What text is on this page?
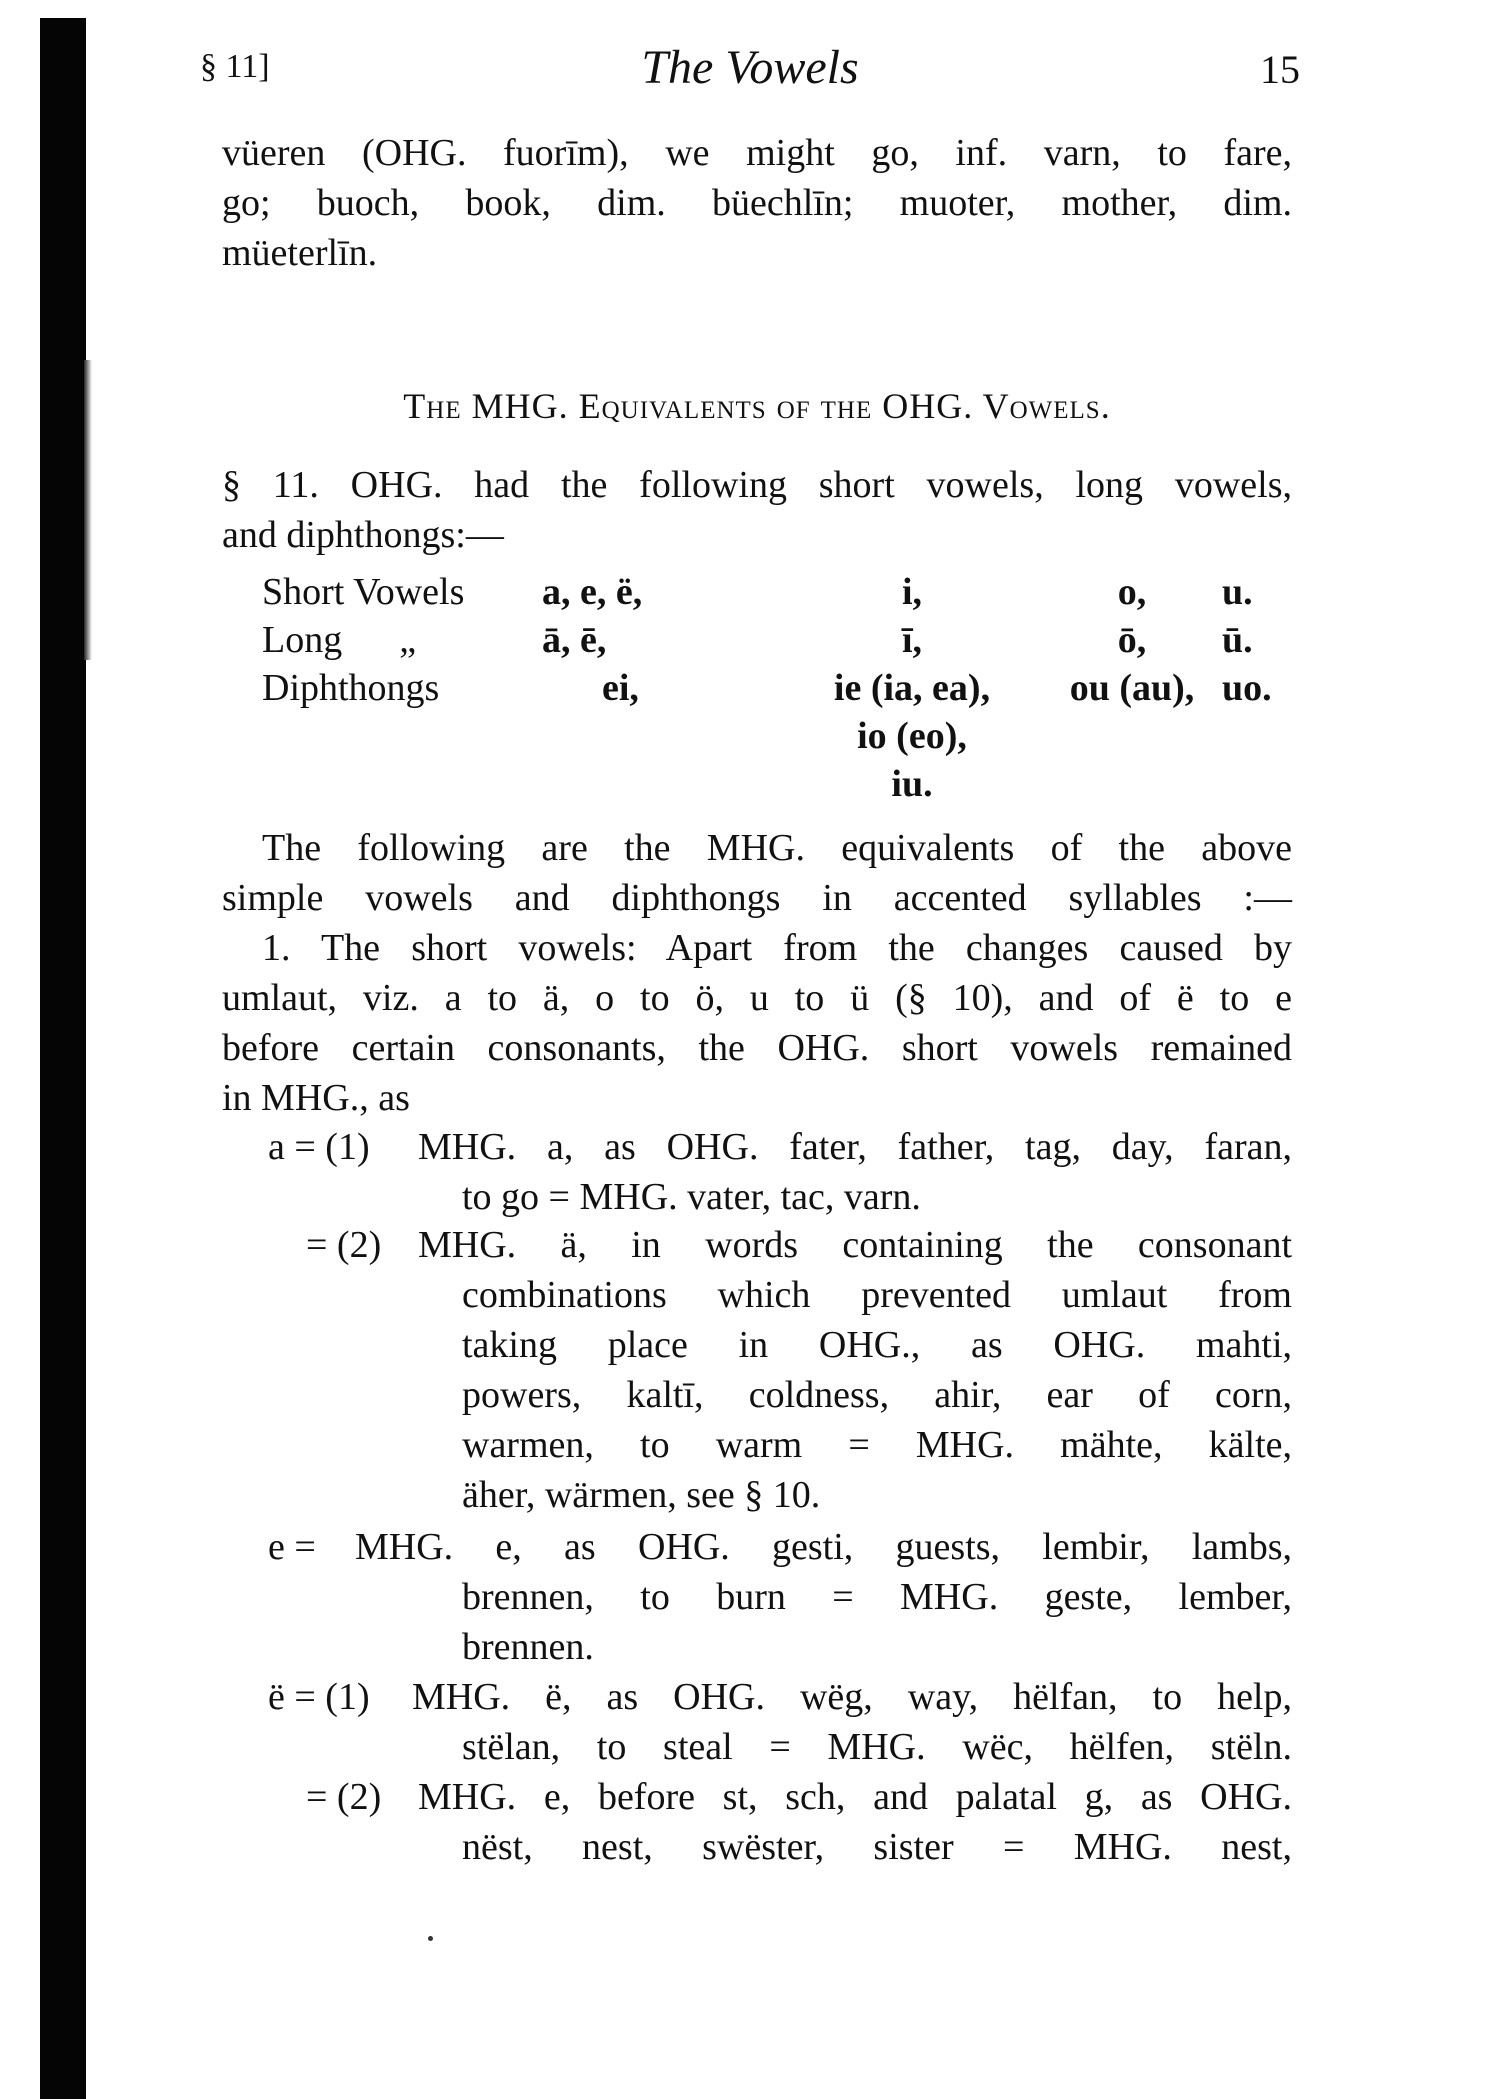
§ 11]	The Vowels	15
vüeren (OHG. fuorīm), we might go, inf. varn, to fare,
go; buoch, book, dim. büechlīn; muoter, mother, dim.
müeterlīn.
The MHG. Equivalents of the OHG. Vowels.
§ 11. OHG. had the following short vowels, long vowels,
and diphthongs:—
Short Vowels	a, e, ë,	i,	o,	u.
Long      „	ā, ē,	ī,	ō,	ū.
Diphthongs	ei,	ie (ia, ea),	ou (au),	uo.
		io (eo),		
		iu.		
The following are the MHG. equivalents of the above
simple vowels and diphthongs in accented syllables :—
1. The short vowels: Apart from the changes caused by
umlaut, viz. a to ä, o to ö, u to ü (§ 10), and of ë to e
before certain consonants, the OHG. short vowels remained
in MHG., as
a = (1) MHG. a, as OHG. fater, father, tag, day, faran,
to go = MHG. vater, tac, varn.
= (2) MHG. ä, in words containing the consonant
combinations which prevented umlaut from
taking place in OHG., as OHG. mahti,
powers, kaltī, coldness, ahir, ear of corn,
warmen, to warm = MHG. mähte, kälte,
äher, wärmen, see § 10.
e = MHG. e, as OHG. gesti, guests, lembir, lambs,
brennen, to burn = MHG. geste, lember,
brennen.
ë = (1) MHG. ë, as OHG. wëg, way, hëlfan, to help,
stëlan, to steal = MHG. wëc, hëlfen, stëln.
= (2) MHG. e, before st, sch, and palatal g, as OHG.
nëst, nest, swëster, sister = MHG. nest,
